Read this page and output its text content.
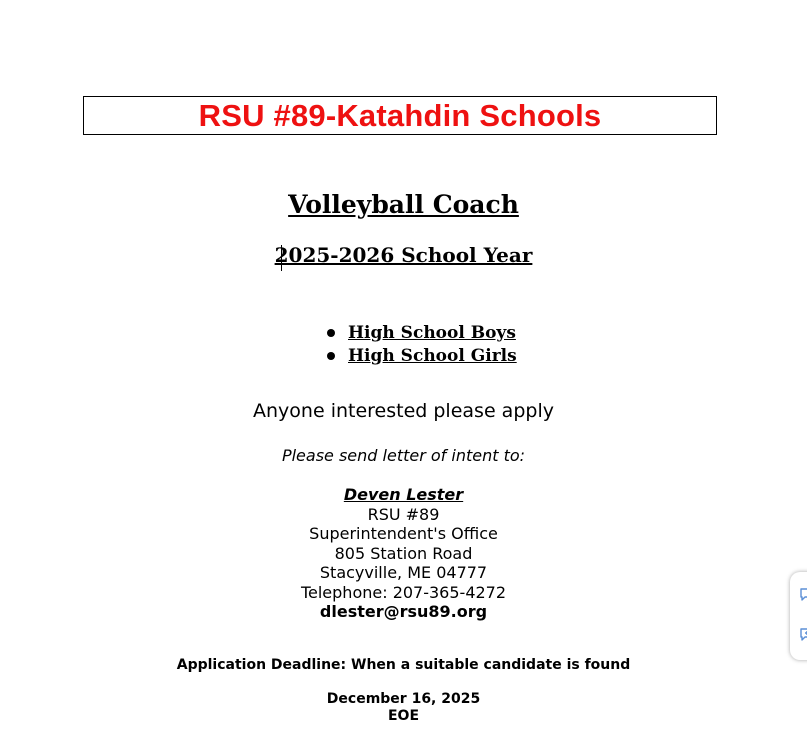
RSU #89-Katahdin Schools
Volleyball Coach
2025-2026 School Year
High School Boys
High School Girls
Anyone interested please apply
Please send letter of intent to:
Deven Lester
RSU #89
Superintendent's Office
805 Station Road
Stacyville, ME 04777
Telephone: 207-365-4272
dlester@rsu89.org
Application Deadline: When a suitable candidate is found
December 16, 2025
EOE
